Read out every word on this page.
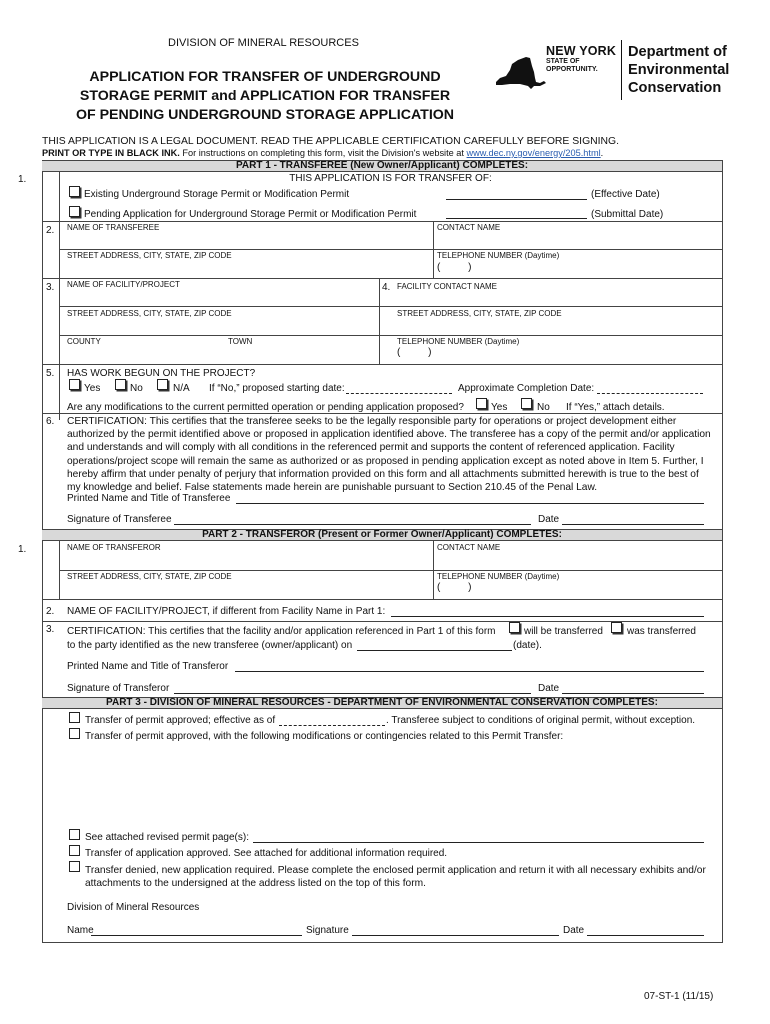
DIVISION OF MINERAL RESOURCES
APPLICATION FOR TRANSFER OF UNDERGROUND
STORAGE PERMIT and APPLICATION FOR TRANSFER
OF PENDING UNDERGROUND STORAGE APPLICATION
NEW YORK
STATE OF
OPPORTUNITY.
Department of
Environmental
Conservation
THIS APPLICATION IS A LEGAL DOCUMENT. READ THE APPLICABLE CERTIFICATION CAREFULLY BEFORE SIGNING.
PRINT OR TYPE IN BLACK INK. For instructions on completing this form, visit the Division's website at www.dec.ny.gov/energy/205.html.
PART 1 - TRANSFEREE (New Owner/Applicant) COMPLETES:
1.	THIS APPLICATION IS FOR TRANSFER OF:
Existing Underground Storage Permit or Modification Permit	(Effective Date)
Pending Application for Underground Storage Permit or Modification Permit	(Submittal Date)
2. NAME OF TRANSFEREE	CONTACT NAME
STREET ADDRESS, CITY, STATE, ZIP CODE	TELEPHONE NUMBER (Daytime)
(          )
3. NAME OF FACILITY/PROJECT	4. FACILITY CONTACT NAME
STREET ADDRESS, CITY, STATE, ZIP CODE	STREET ADDRESS, CITY, STATE, ZIP CODE
COUNTY	TOWN	TELEPHONE NUMBER (Daytime)
(          )
5. HAS WORK BEGUN ON THE PROJECT?
Yes	No	N/A If “No,” proposed starting date:	Approximate Completion Date:
Are any modifications to the current permitted operation or pending application proposed?	Yes	No If “Yes,” attach details.
6. CERTIFICATION: This certifies that the transferee seeks to be the legally responsible party for operations or project development either
authorized by the permit identified above or proposed in application identified above. The transferee has a copy of the permit and/or application
and understands and will comply with all conditions in the referenced permit and supports the content of referenced application. Facility
operations/project scope will remain the same as authorized or as proposed in pending application except as noted above in Item 5. Further, I
hereby affirm that under penalty of perjury that information provided on this form and all attachments submitted herewith is true to the best of
my knowledge and belief. False statements made herein are punishable pursuant to Section 210.45 of the Penal Law.
Printed Name and Title of Transferee
Signature of Transferee	Date
PART 2 - TRANSFEROR (Present or Former Owner/Applicant) COMPLETES:
1.	NAME OF TRANSFEROR	CONTACT NAME
STREET ADDRESS, CITY, STATE, ZIP CODE	TELEPHONE NUMBER (Daytime)
(          )
2. NAME OF FACILITY/PROJECT, if different from Facility Name in Part 1:
3. CERTIFICATION: This certifies that the facility and/or application referenced in Part 1 of this form	will be transferred was transferred
to the party identified as the new transferee (owner/applicant) on	(date).
Printed Name and Title of Transferor
Signature of Transferor	Date
PART 3 - DIVISION OF MINERAL RESOURCES - DEPARTMENT OF ENVIRONMENTAL CONSERVATION COMPLETES:
Transfer of permit approved; effective as of	. Transferee subject to conditions of original permit, without exception.
Transfer of permit approved, with the following modifications or contingencies related to this Permit Transfer:
See attached revised permit page(s):
Transfer of application approved. See attached for additional information required.
Transfer denied, new application required. Please complete the enclosed permit application and return it with all necessary exhibits and/or
attachments to the undersigned at the address listed on the top of this form.
Division of Mineral Resources
Name	Signature	Date
07-ST-1 (11/15)
